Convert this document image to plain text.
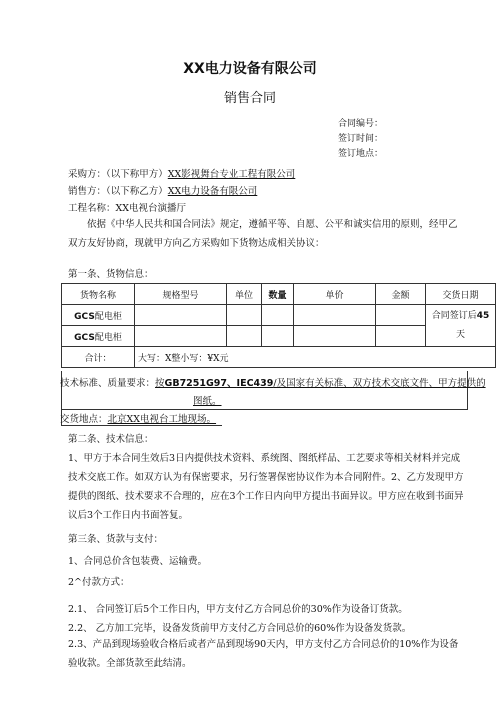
XX电力设备有限公司
销售合同
合同编号：
签订时间：
签订地点：
采购方：（以下称甲方）XX影视舞台专业工程有限公司
销售方：（以下称乙方）XX电力设备有限公司
工程名称：XX电视台演播厅
依据《中华人民共和国合同法》规定，遵循平等、自愿、公平和诚实信用的原则，经甲乙双方友好协商，现就甲方向乙方采购如下货物达成相关协议：
第一条、货物信息：
货物名称	规格型号	单位	数量	单价	金额	交货日期
GCS配电柜						合同签订后45
天
GCS配电柜						
合计：	大写：X整小写：¥X元					
技术标准、质量要求：按GB7251G97、IEC439/及国家有关标准、双方技术交底文件、甲方提供的
图纸。
交货地点：北京XX电视台工地现场。
第二条、技术信息：
1、甲方于本合同生效后3日内提供技术资料、系统图、图纸样品、工艺要求等相关材料并完成技术交底工作。如双方认为有保密要求，另行签署保密协议作为本合同附件。2、乙方发现甲方提供的图纸、技术要求不合理的，应在3个工作日内向甲方提出书面异议。甲方应在收到书面异议后3个工作日内书面答复。
第三条、货款与支付：
1、合同总价含包装费、运输费。
2^付款方式：
2.1、 合同签订后5个工作日内，甲方支付乙方合同总价的30%作为设备订货款。
2.2、 乙方加工完毕，设备发货前甲方支付乙方合同总价的60%作为设备发货款。
2.3、产品到现场验收合格后或者产品到现场90天内，甲方支付乙方合同总价的10%作为设备验收款。全部货款至此结清。
